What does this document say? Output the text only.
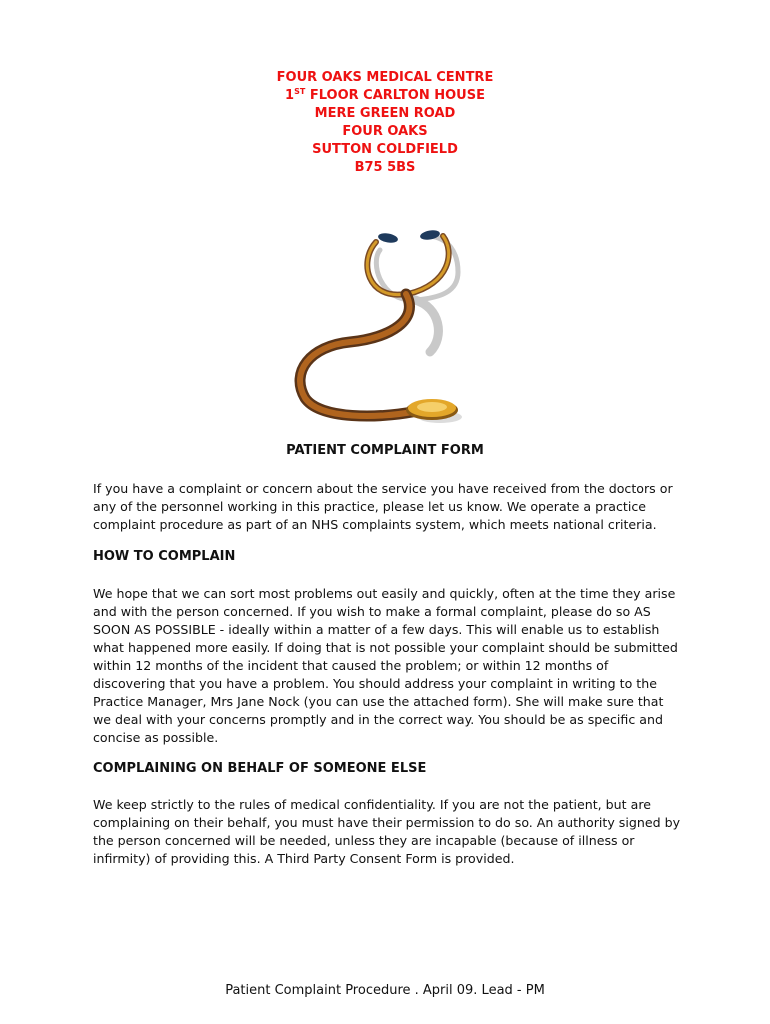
FOUR OAKS MEDICAL CENTRE
1ST FLOOR CARLTON HOUSE
MERE GREEN ROAD
FOUR OAKS
SUTTON COLDFIELD
B75 5BS
PATIENT COMPLAINT FORM
If you have a complaint or concern about the service you have received from the doctors or any of the personnel working in this practice, please let us know. We operate a practice complaint procedure as part of an NHS complaints system, which meets national criteria.
HOW TO COMPLAIN
We hope that we can sort most problems out easily and quickly, often at the time they arise and with the person concerned. If you wish to make a formal complaint, please do so AS SOON AS POSSIBLE - ideally within a matter of a few days. This will enable us to establish what happened more easily. If doing that is not possible your complaint should be submitted within 12 months of the incident that caused the problem; or within 12 months of discovering that you have a problem. You should address your complaint in writing to the Practice Manager, Mrs Jane Nock (you can use the attached form). She will make sure that we deal with your concerns promptly and in the correct way. You should be as specific and concise as possible.
COMPLAINING ON BEHALF OF SOMEONE ELSE
We keep strictly to the rules of medical confidentiality. If you are not the patient, but are complaining on their behalf, you must have their permission to do so. An authority signed by the person concerned will be needed, unless they are incapable (because of illness or infirmity) of providing this. A Third Party Consent Form is provided.
Patient Complaint Procedure . April 09. Lead - PM
